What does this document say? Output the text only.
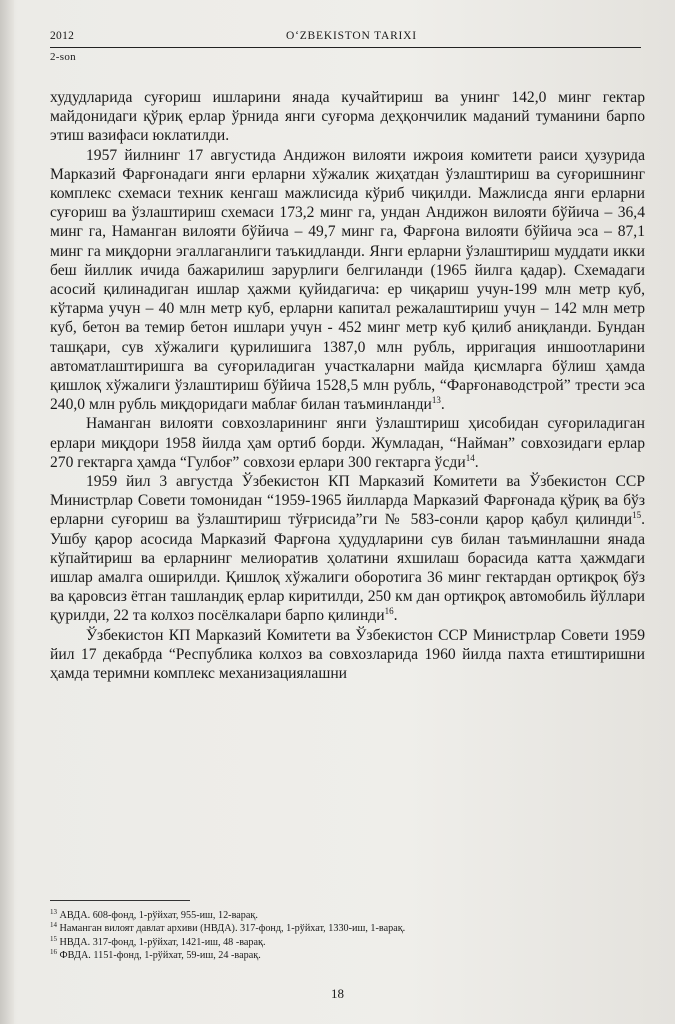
2012	O‘ZBEKISTON TARIXI
2-son

худудларида суғориш ишларини янада кучайтириш ва унинг 142,0 минг гектар майдонидаги қўриқ ерлар ўрнида янги суғорма деҳқончилик маданий туманини барпо этиш вазифаси юклатилди.

1957 йилнинг 17 августида Андижон вилояти ижроия комитети раиси ҳузурида Марказий Фарғонадаги янги ерларни хўжалик жиҳатдан ўзлаштириш ва суғоришнинг комплекс схемаси техник кенгаш мажлисида кўриб чиқилди. Мажлисда янги ерларни суғориш ва ўзлаштириш схемаси 173,2 минг га, ундан Андижон вилояти бўйича – 36,4 минг га, Наманган вилояти бўйича – 49,7 минг га, Фарғона вилояти бўйича эса – 87,1 минг га миқдорни эгаллаганлиги таъкидланди. Янги ерларни ўзлаштириш муддати икки беш йиллик ичида бажарилиш зарурлиги белгиланди (1965 йилга қадар). Схемадаги асосий қилинадиган ишлар ҳажми қуйидагича: ер чиқариш учун-199 млн метр куб, кўтарма учун – 40 млн метр куб, ерларни капитал режалаштириш учун – 142 млн метр куб, бетон ва темир бетон ишлари учун - 452 минг метр куб қилиб аниқланди. Бундан ташқари, сув хўжалиги қурилишига 1387,0 млн рубль, ирригация иншоотларини автоматлаштиришга ва суғориладиган участкаларни майда қисмларга бўлиш ҳамда қишлоқ хўжалиги ўзлаштириш бўйича 1528,5 млн рубль, “Фарғонаводстрой” трести эса 240,0 млн рубль миқдоридаги маблағ билан таъминланди$^{13}$.

Наманган вилояти совхозларининг янги ўзлаштириш ҳисобидан суғориладиган ерлари миқдори 1958 йилда ҳам ортиб борди. Жумладан, “Найман” совхозидаги ерлар 270 гектарга ҳамда “Гулбоғ” совхози ерлари 300 гектарга ўсди$^{14}$.

1959 йил 3 августда Ўзбекистон КП Марказий Комитети ва Ўзбекистон ССР Министрлар Совети томонидан “1959-1965 йилларда Марказий Фарғонада қўриқ ва бўз ерларни суғориш ва ўзлаштириш тўғрисида”ги № 583-сонли қарор қабул қилинди$^{15}$. Ушбу қарор асосида Марказий Фарғона ҳудудларини сув билан таъминлашни янада кўпайтириш ва ерларнинг мелиоратив ҳолатини яхшилаш борасида катта ҳажмдаги ишлар амалга оширилди. Қишлоқ хўжалиги оборотига 36 минг гектардан ортиқроқ бўз ва қаровсиз ётган ташландиқ ерлар киритилди, 250 км дан ортиқроқ автомобиль йўллари қурилди, 22 та колхоз посёлкалари барпо қилинди$^{16}$.

Ўзбекистон КП Марказий Комитети ва Ўзбекистон ССР Министрлар Совети 1959 йил 17 декабрда “Республика колхоз ва совхозларида 1960 йилда пахта етиштиришни ҳамда теримни комплекс механизациялашни

$^{13}$ АВДА. 608-фонд, 1-рўйхат, 955-иш, 12-варақ.
$^{14}$ Наманган вилоят давлат архиви (НВДА). 317-фонд, 1-рўйхат, 1330-иш, 1-варақ.
$^{15}$ НВДА. 317-фонд, 1-рўйхат, 1421-иш, 48 -варақ.
$^{16}$ ФВДА. 1151-фонд, 1-рўйхат, 59-иш, 24 -варақ.
18
